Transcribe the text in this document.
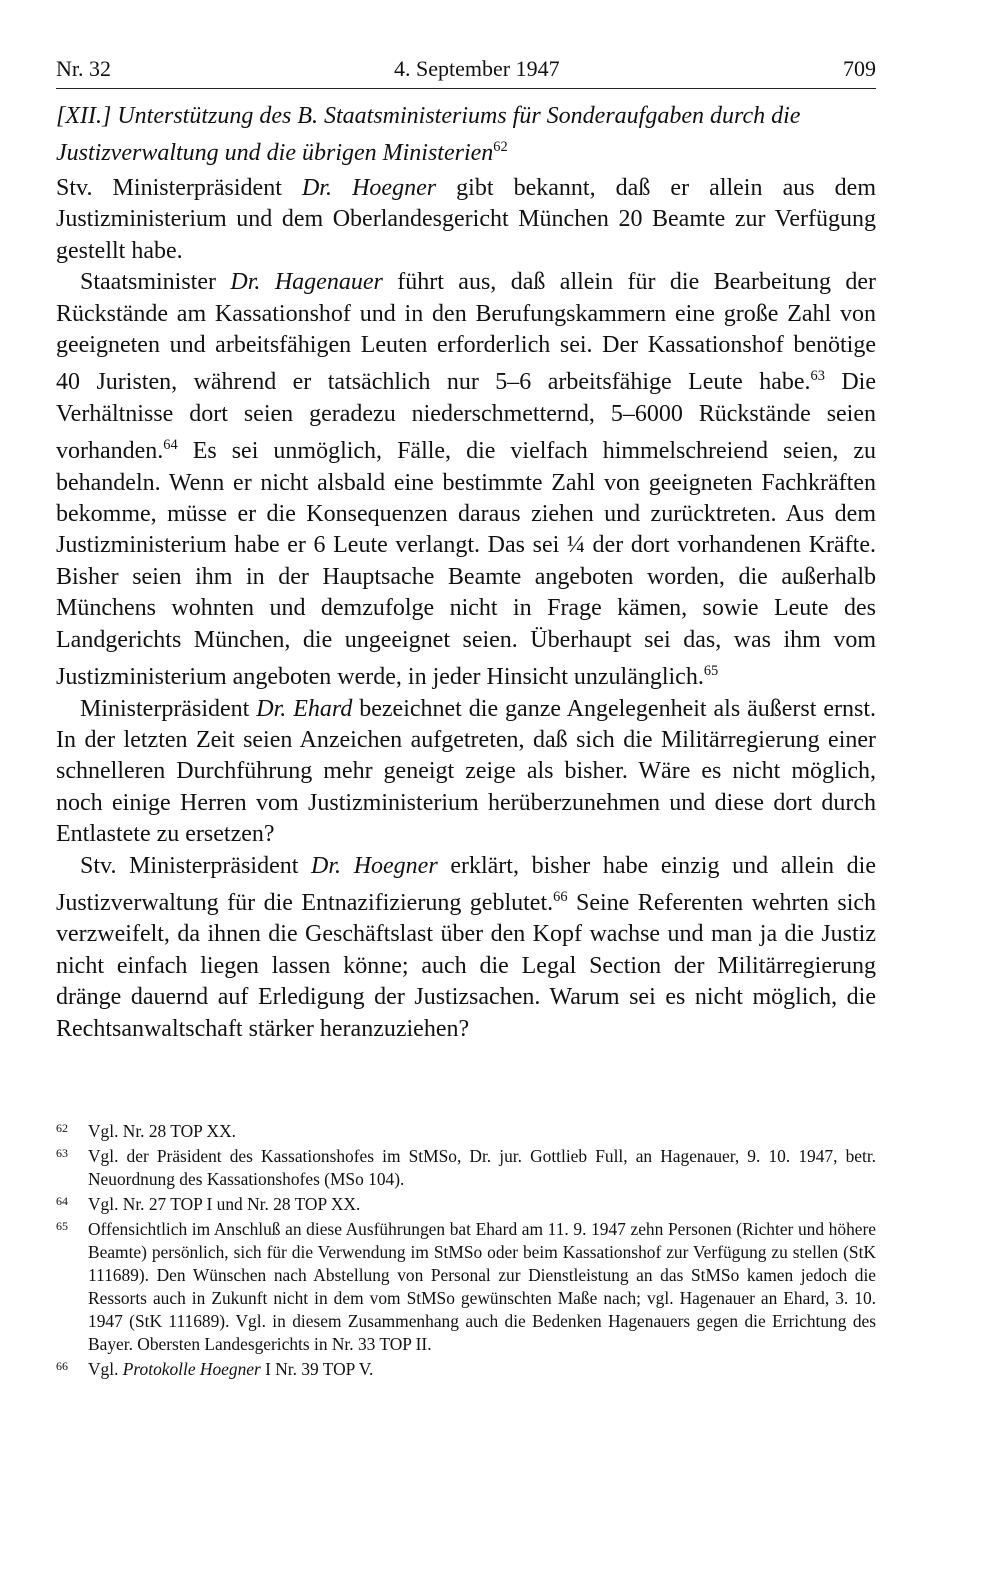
Nr. 32	4. September 1947	709
[XII.] Unterstützung des B. Staatsministeriums für Sonderaufgaben durch die Justizverwaltung und die übrigen Ministerien$^{62}$

Stv. Ministerpräsident Dr. Hoegner gibt bekannt, daß er allein aus dem Justizministerium und dem Oberlandesgericht München 20 Beamte zur Verfügung gestellt habe.

Staatsminister Dr. Hagenauer führt aus, daß allein für die Bearbeitung der Rückstände am Kassationshof und in den Berufungskammern eine große Zahl von geeigneten und arbeitsfähigen Leuten erforderlich sei. Der Kassationshof benötige 40 Juristen, während er tatsächlich nur 5–6 arbeitsfähige Leute habe.$^{63}$ Die Verhältnisse dort seien geradezu niederschmetternd, 5–6000 Rückstände seien vorhanden.$^{64}$ Es sei unmöglich, Fälle, die vielfach himmelschreiend seien, zu behandeln. Wenn er nicht alsbald eine bestimmte Zahl von geeigneten Fachkräften bekomme, müsse er die Konsequenzen daraus ziehen und zurücktreten. Aus dem Justizministerium habe er 6 Leute verlangt. Das sei ¼ der dort vorhandenen Kräfte. Bisher seien ihm in der Hauptsache Beamte angeboten worden, die außerhalb Münchens wohnten und demzufolge nicht in Frage kämen, sowie Leute des Landgerichts München, die ungeeignet seien. Überhaupt sei das, was ihm vom Justizministerium angeboten werde, in jeder Hinsicht unzulänglich.$^{65}$

Ministerpräsident Dr. Ehard bezeichnet die ganze Angelegenheit als äußerst ernst. In der letzten Zeit seien Anzeichen aufgetreten, daß sich die Militärregierung einer schnelleren Durchführung mehr geneigt zeige als bisher. Wäre es nicht möglich, noch einige Herren vom Justizministerium herüberzunehmen und diese dort durch Entlastete zu ersetzen?

Stv. Ministerpräsident Dr. Hoegner erklärt, bisher habe einzig und allein die Justizverwaltung für die Entnazifizierung geblutet.$^{66}$ Seine Referenten wehrten sich verzweifelt, da ihnen die Geschäftslast über den Kopf wachse und man ja die Justiz nicht einfach liegen lassen könne; auch die Legal Section der Militärregierung dränge dauernd auf Erledigung der Justizsachen. Warum sei es nicht möglich, die Rechtsanwaltschaft stärker heranzuziehen?

62 Vgl. Nr. 28 TOP XX.

63 Vgl. der Präsident des Kassationshofes im StMSo, Dr. jur. Gottlieb Full, an Hagenauer, 9. 10. 1947, betr. Neuordnung des Kassationshofes (MSo 104).

64 Vgl. Nr. 27 TOP I und Nr. 28 TOP XX.

65 Offensichtlich im Anschluß an diese Ausführungen bat Ehard am 11. 9. 1947 zehn Personen (Richter und höhere Beamte) persönlich, sich für die Verwendung im StMSo oder beim Kassationshof zur Verfügung zu stellen (StK 111689). Den Wünschen nach Abstellung von Personal zur Dienstleistung an das StMSo kamen jedoch die Ressorts auch in Zukunft nicht in dem vom StMSo gewünschten Maße nach; vgl. Hagenauer an Ehard, 3. 10. 1947 (StK 111689). Vgl. in diesem Zusammenhang auch die Bedenken Hagenauers gegen die Errichtung des Bayer. Obersten Landesgerichts in Nr. 33 TOP II.

66 Vgl. Protokolle Hoegner I Nr. 39 TOP V.
